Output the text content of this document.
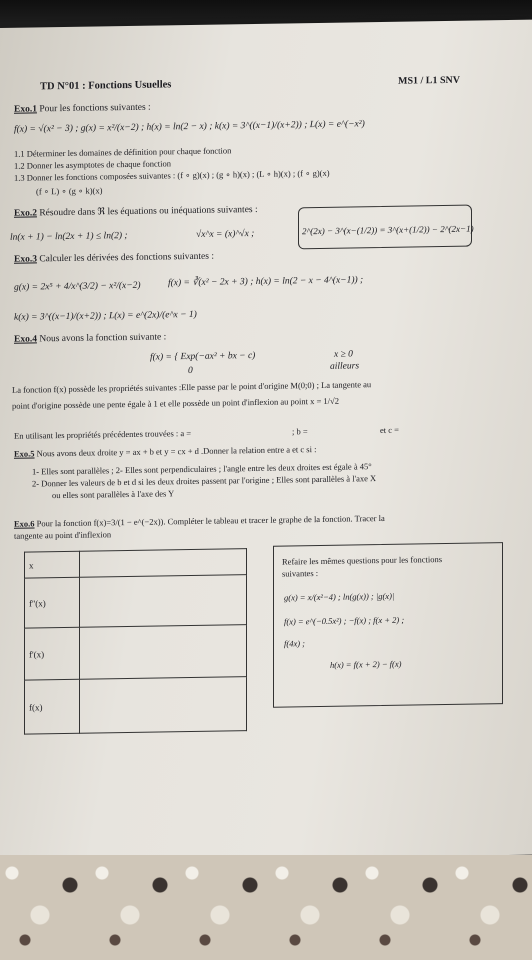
TD N°01 : Fonctions Usuelles	MS1 / L1 SNV
Exo.1 Pour les fonctions suivantes :
f(x) = √(x² − 3) ; g(x) = x²/(x−2) ; h(x) = ln(2 − x) ; k(x) = 3^((x−1)/(x+2)) ; L(x) = e^(−x²)
1.1 Déterminer les domaines de définition pour chaque fonction
1.2 Donner les asymptotes de chaque fonction
1.3 Donner les fonctions composées suivantes : (f ∘ g)(x) ; (g ∘ h)(x) ; (L ∘ h)(x) ; (f ∘ g)(x)
(f ∘ L) ∘ (g ∘ k)(x)
Exo.2 Résoudre dans ℜ les équations ou inéquations suivantes :
ln(x + 1) − ln(2x + 1) ≤ ln(2) ;	√x^x = (x)^√x ;	2^(2x) − 3^(x−(1/2)) = 3^(x+(1/2)) − 2^(2x−1)
Exo.3 Calculer les dérivées des fonctions suivantes :
g(x) = 2x⁵ + 4/x^(3/2) − x²/(x−2)	f(x) = ∛(x² − 2x + 3) ; h(x) = ln(2 − x − 4^(x−1)) ;
k(x) = 3^((x−1)/(x+2)) ; L(x) = e^(2x)/(e^x − 1)
Exo.4 Nous avons la fonction suivante :
f(x) = { Exp(−ax² + bx − c)
0
x ≥ 0
ailleurs
La fonction f(x) possède les propriétés suivantes :Elle passe par le point d'origine M(0;0) ; La tangente au
point d'origine possède une pente égale à 1 et elle possède un point d'inflexion au point x = 1/√2
En utilisant les propriétés précédentes trouvées : a =	; b =	et c =
Exo.5 Nous avons deux droite y = ax + b et y = cx + d .Donner la relation entre a et c si :
1- Elles sont parallèles ; 2- Elles sont perpendiculaires ; l'angle entre les deux droites est égale à 45°
2- Donner les valeurs de b et d si les deux droites passent par l'origine ; Elles sont parallèles à l'axe X
ou elles sont parallèles à l'axe des Y
Exo.6 Pour la fonction f(x)=3/(1 − e^(−2x)). Compléter le tableau et tracer le graphe de la fonction. Tracer la
tangente au point d'inflexion
x	
f''(x)	
f'(x)	
f(x)	
Refaire les mêmes questions pour les fonctions
suivantes :
g(x) = x/(x²−4) ; ln(g(x)) ; |g(x)|
f(x) = e^(−0.5x²) ; −f(x) ; f(x + 2) ;
f(4x) ;
h(x) = f(x + 2) − f(x)
